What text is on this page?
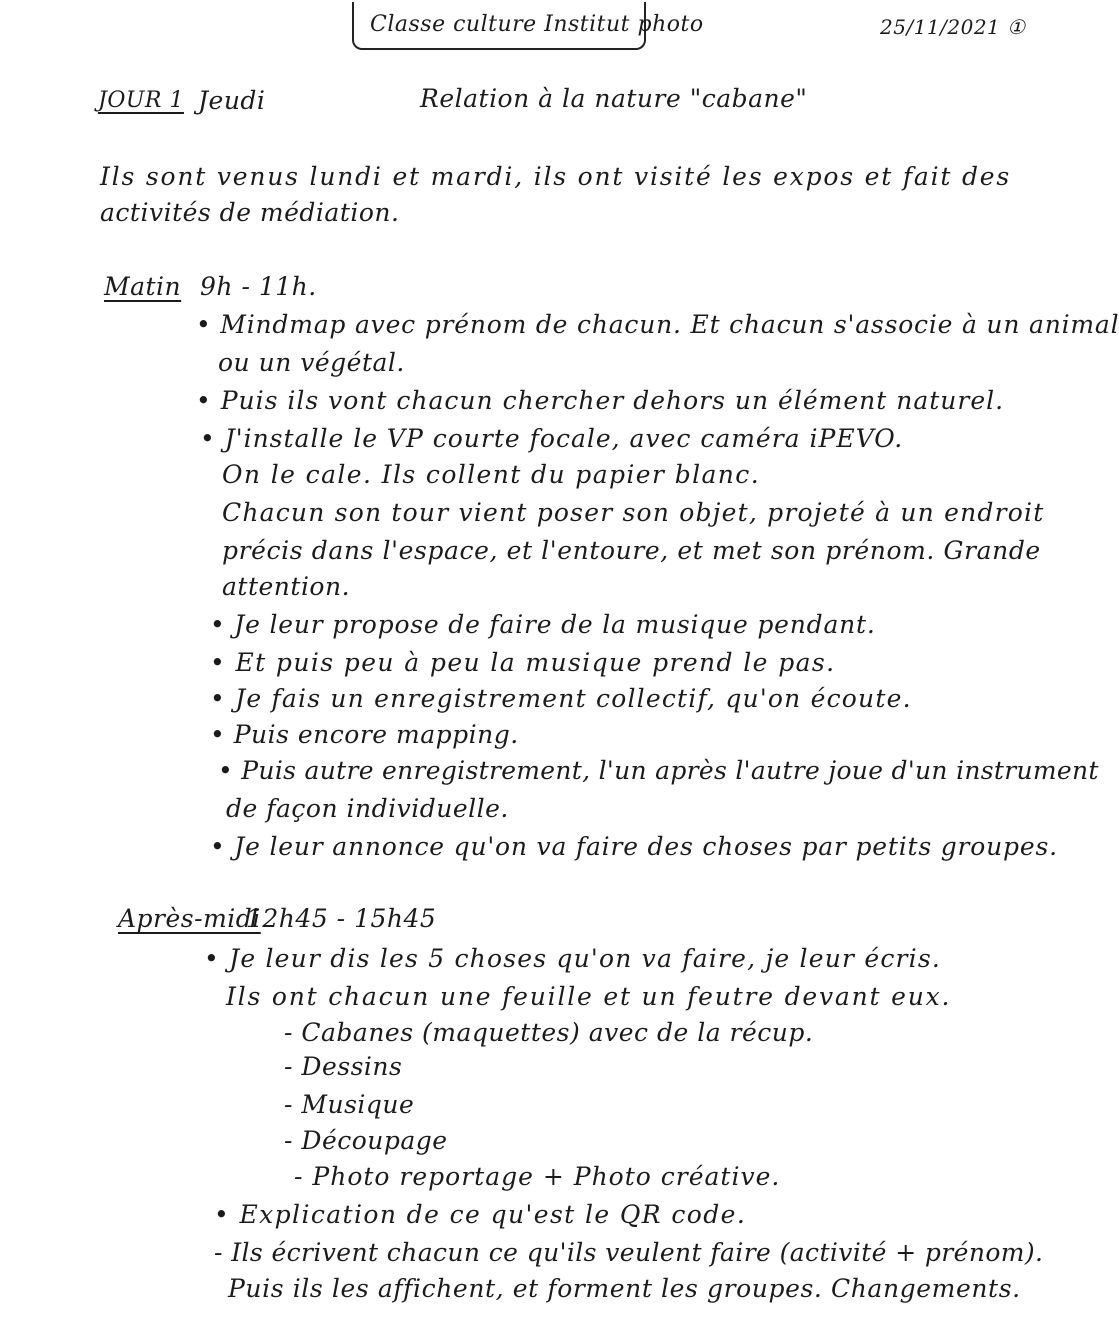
Classe culture Institut photo	25/11/2021 ①
JOUR 1 Jeudi	Relation à la nature "cabane"
Ils sont venus lundi et mardi, ils ont visité les expos et fait des
activités de médiation.
Matin 9h - 11h.
• Mindmap avec prénom de chacun. Et chacun s'associe à un animal
ou un végétal.
• Puis ils vont chacun chercher dehors un élément naturel.
• J'installe le VP courte focale, avec caméra iPEVO.
On le cale. Ils collent du papier blanc.
Chacun son tour vient poser son objet, projeté à un endroit
précis dans l'espace, et l'entoure, et met son prénom. Grande
attention.
• Je leur propose de faire de la musique pendant.
• Et puis peu à peu la musique prend le pas.
• Je fais un enregistrement collectif, qu'on écoute.
• Puis encore mapping.
• Puis autre enregistrement, l'un après l'autre joue d'un instrument
de façon individuelle.
• Je leur annonce qu'on va faire des choses par petits groupes.
Après-midi
12h45 - 15h45
• Je leur dis les 5 choses qu'on va faire, je leur écris.
Ils ont chacun une feuille et un feutre devant eux.
- Cabanes (maquettes) avec de la récup.
- Dessins
- Musique
- Découpage
- Photo reportage + Photo créative.
• Explication de ce qu'est le QR code.
- Ils écrivent chacun ce qu'ils veulent faire (activité + prénom).
Puis ils les affichent, et forment les groupes. Changements.
